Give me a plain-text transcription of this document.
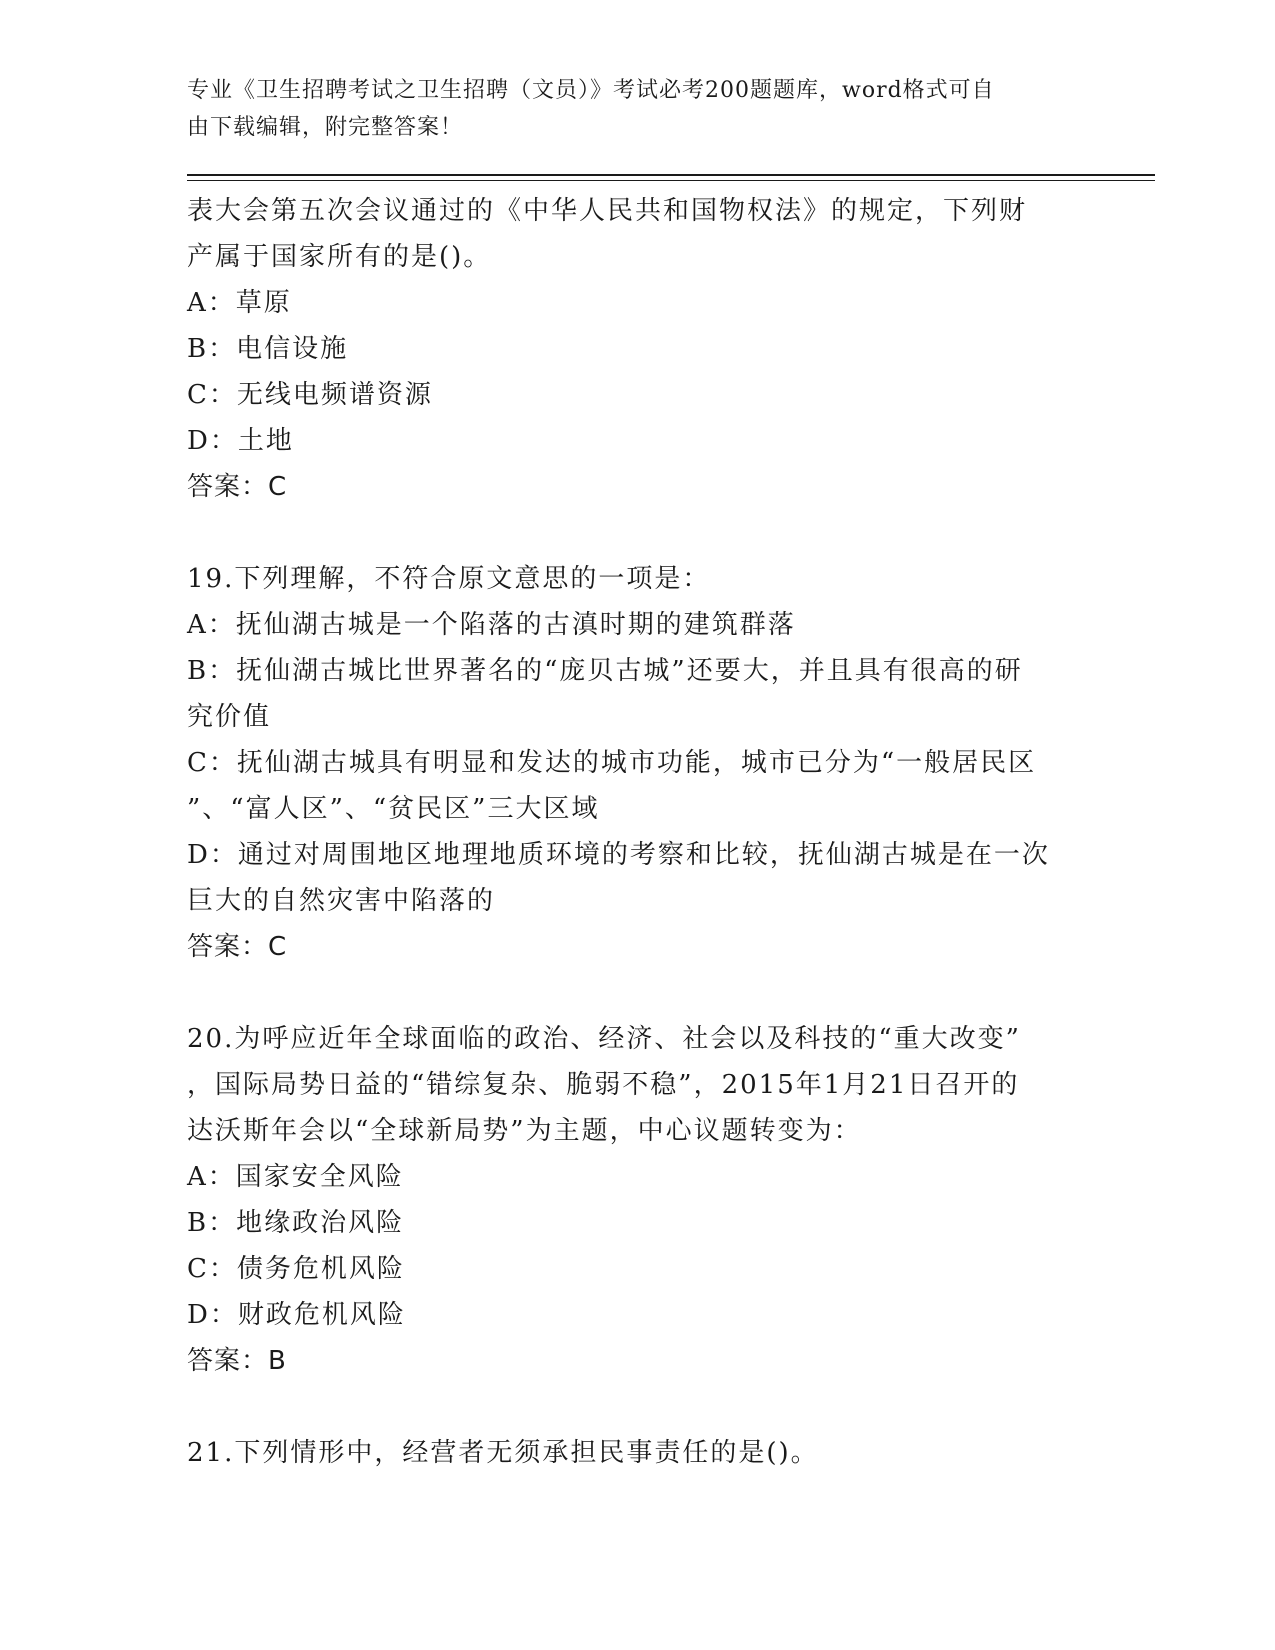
专业《卫生招聘考试之卫生招聘（文员）》考试必考200题题库，word格式可自
由下载编辑，附完整答案！
表大会第五次会议通过的《中华人民共和国物权法》的规定，下列财
产属于国家所有的是()。
A：草原
B：电信设施
C：无线电频谱资源
D：土地
答案：C
19.下列理解，不符合原文意思的一项是：
A：抚仙湖古城是一个陷落的古滇时期的建筑群落
B：抚仙湖古城比世界著名的“庞贝古城”还要大，并且具有很高的研
究价值
C：抚仙湖古城具有明显和发达的城市功能，城市已分为“一般居民区
”、“富人区”、“贫民区”三大区域
D：通过对周围地区地理地质环境的考察和比较，抚仙湖古城是在一次
巨大的自然灾害中陷落的
答案：C
20.为呼应近年全球面临的政治、经济、社会以及科技的“重大改变”
，国际局势日益的“错综复杂、脆弱不稳”，2015年1月21日召开的
达沃斯年会以“全球新局势”为主题，中心议题转变为：
A：国家安全风险
B：地缘政治风险
C：债务危机风险
D：财政危机风险
答案：B
21.下列情形中，经营者无须承担民事责任的是()。
